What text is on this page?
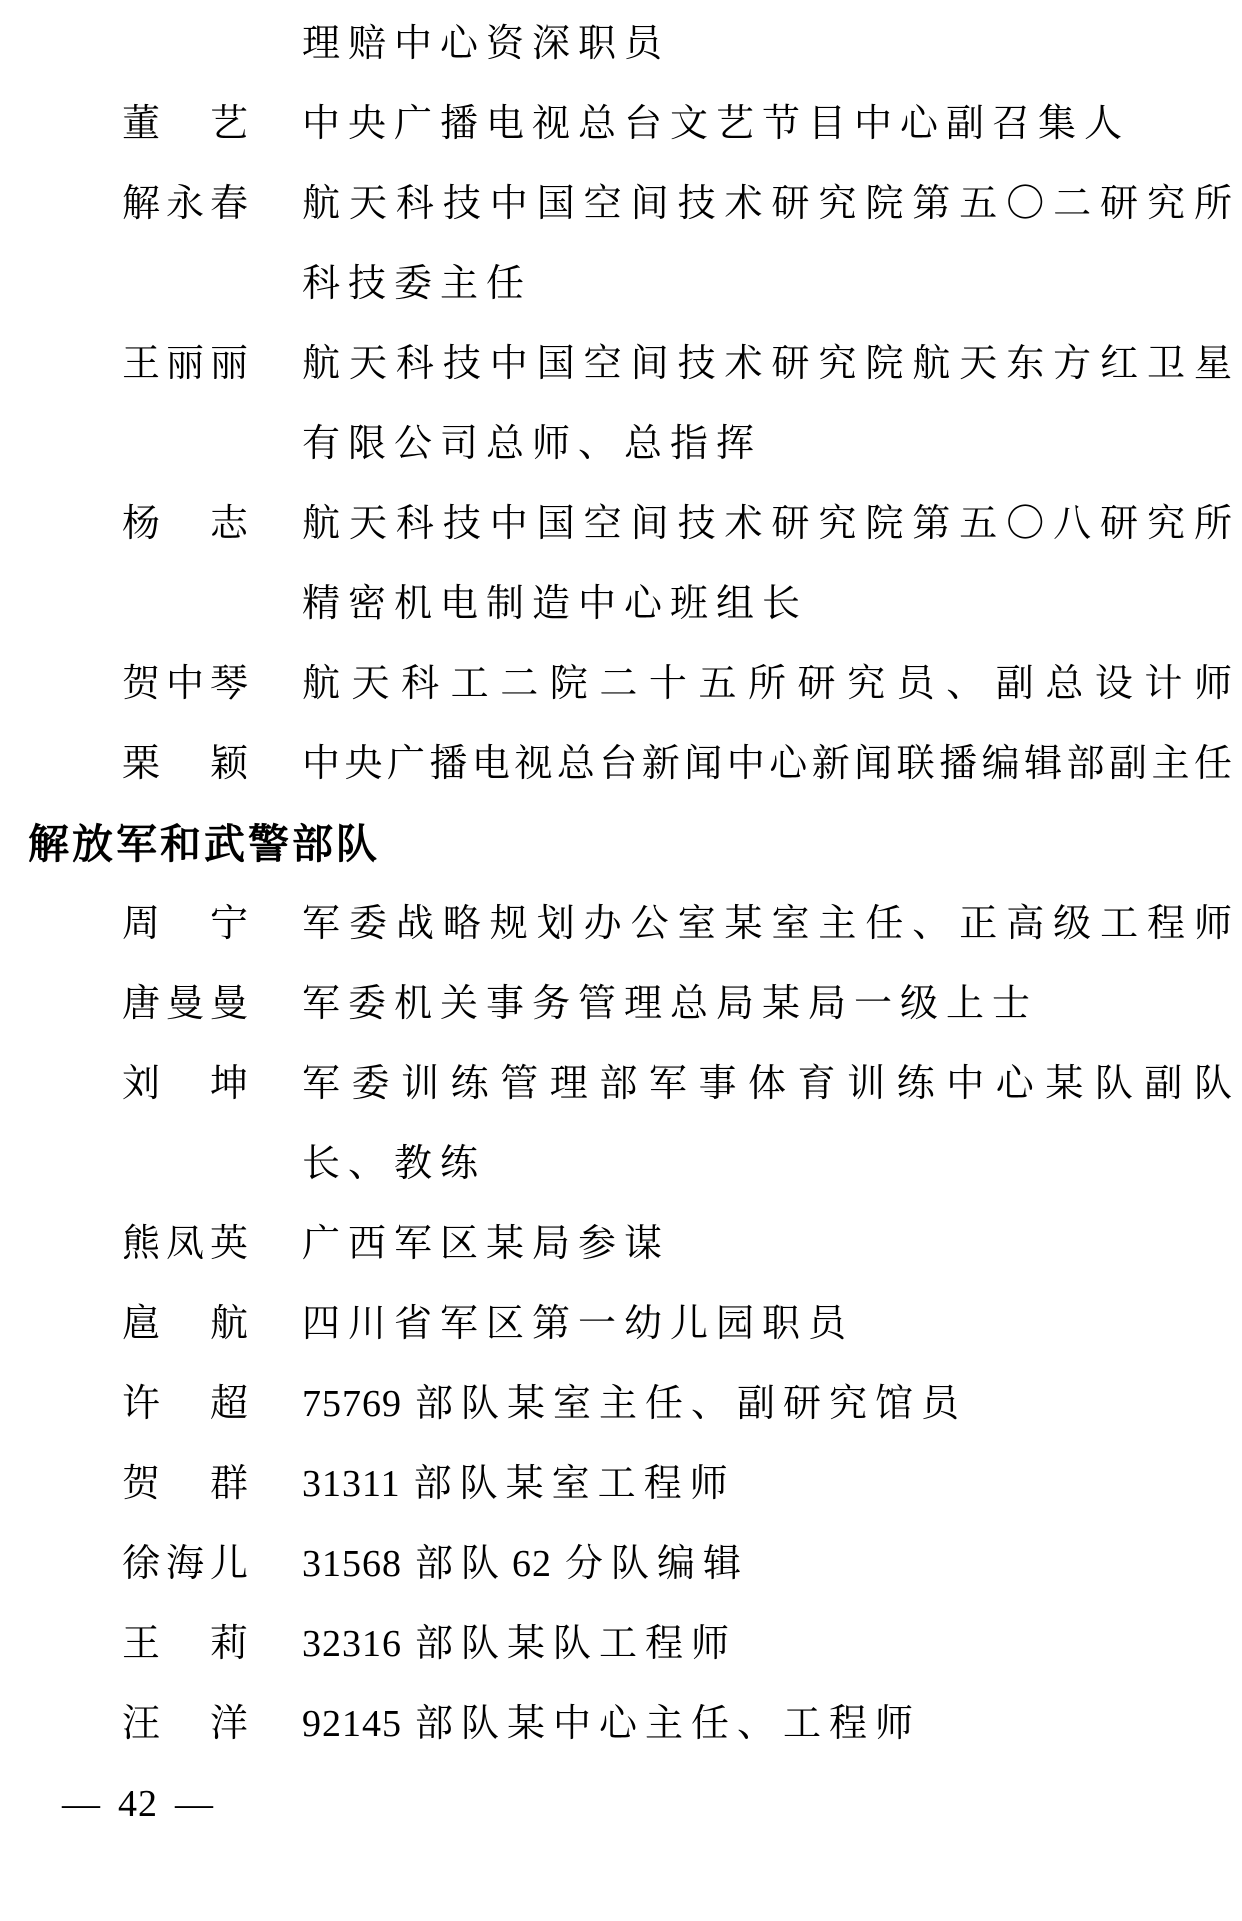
理赔中心资深职员
董　艺 中央广播电视总台文艺节目中心副召集人
解永春 航天科技中国空间技术研究院第五〇二研究所
科技委主任
王丽丽 航天科技中国空间技术研究院航天东方红卫星
有限公司总师、总指挥
杨　志 航天科技中国空间技术研究院第五〇八研究所
精密机电制造中心班组长
贺中琴 航天科工二院二十五所研究员、副总设计师
栗　颖 中央广播电视总台新闻中心新闻联播编辑部副主任
解放军和武警部队
周　宁 军委战略规划办公室某室主任、正高级工程师
唐曼曼 军委机关事务管理总局某局一级上士
刘　坤 军委训练管理部军事体育训练中心某队副队
长、教练
熊凤英 广西军区某局参谋
扈　航 四川省军区第一幼儿园职员
许　超 75769 部队某室主任、副研究馆员
贺　群 31311 部队某室工程师
徐海儿 31568 部队 62 分队编辑
王　莉 32316 部队某队工程师
汪　洋 92145 部队某中心主任、工程师
— 42 —
